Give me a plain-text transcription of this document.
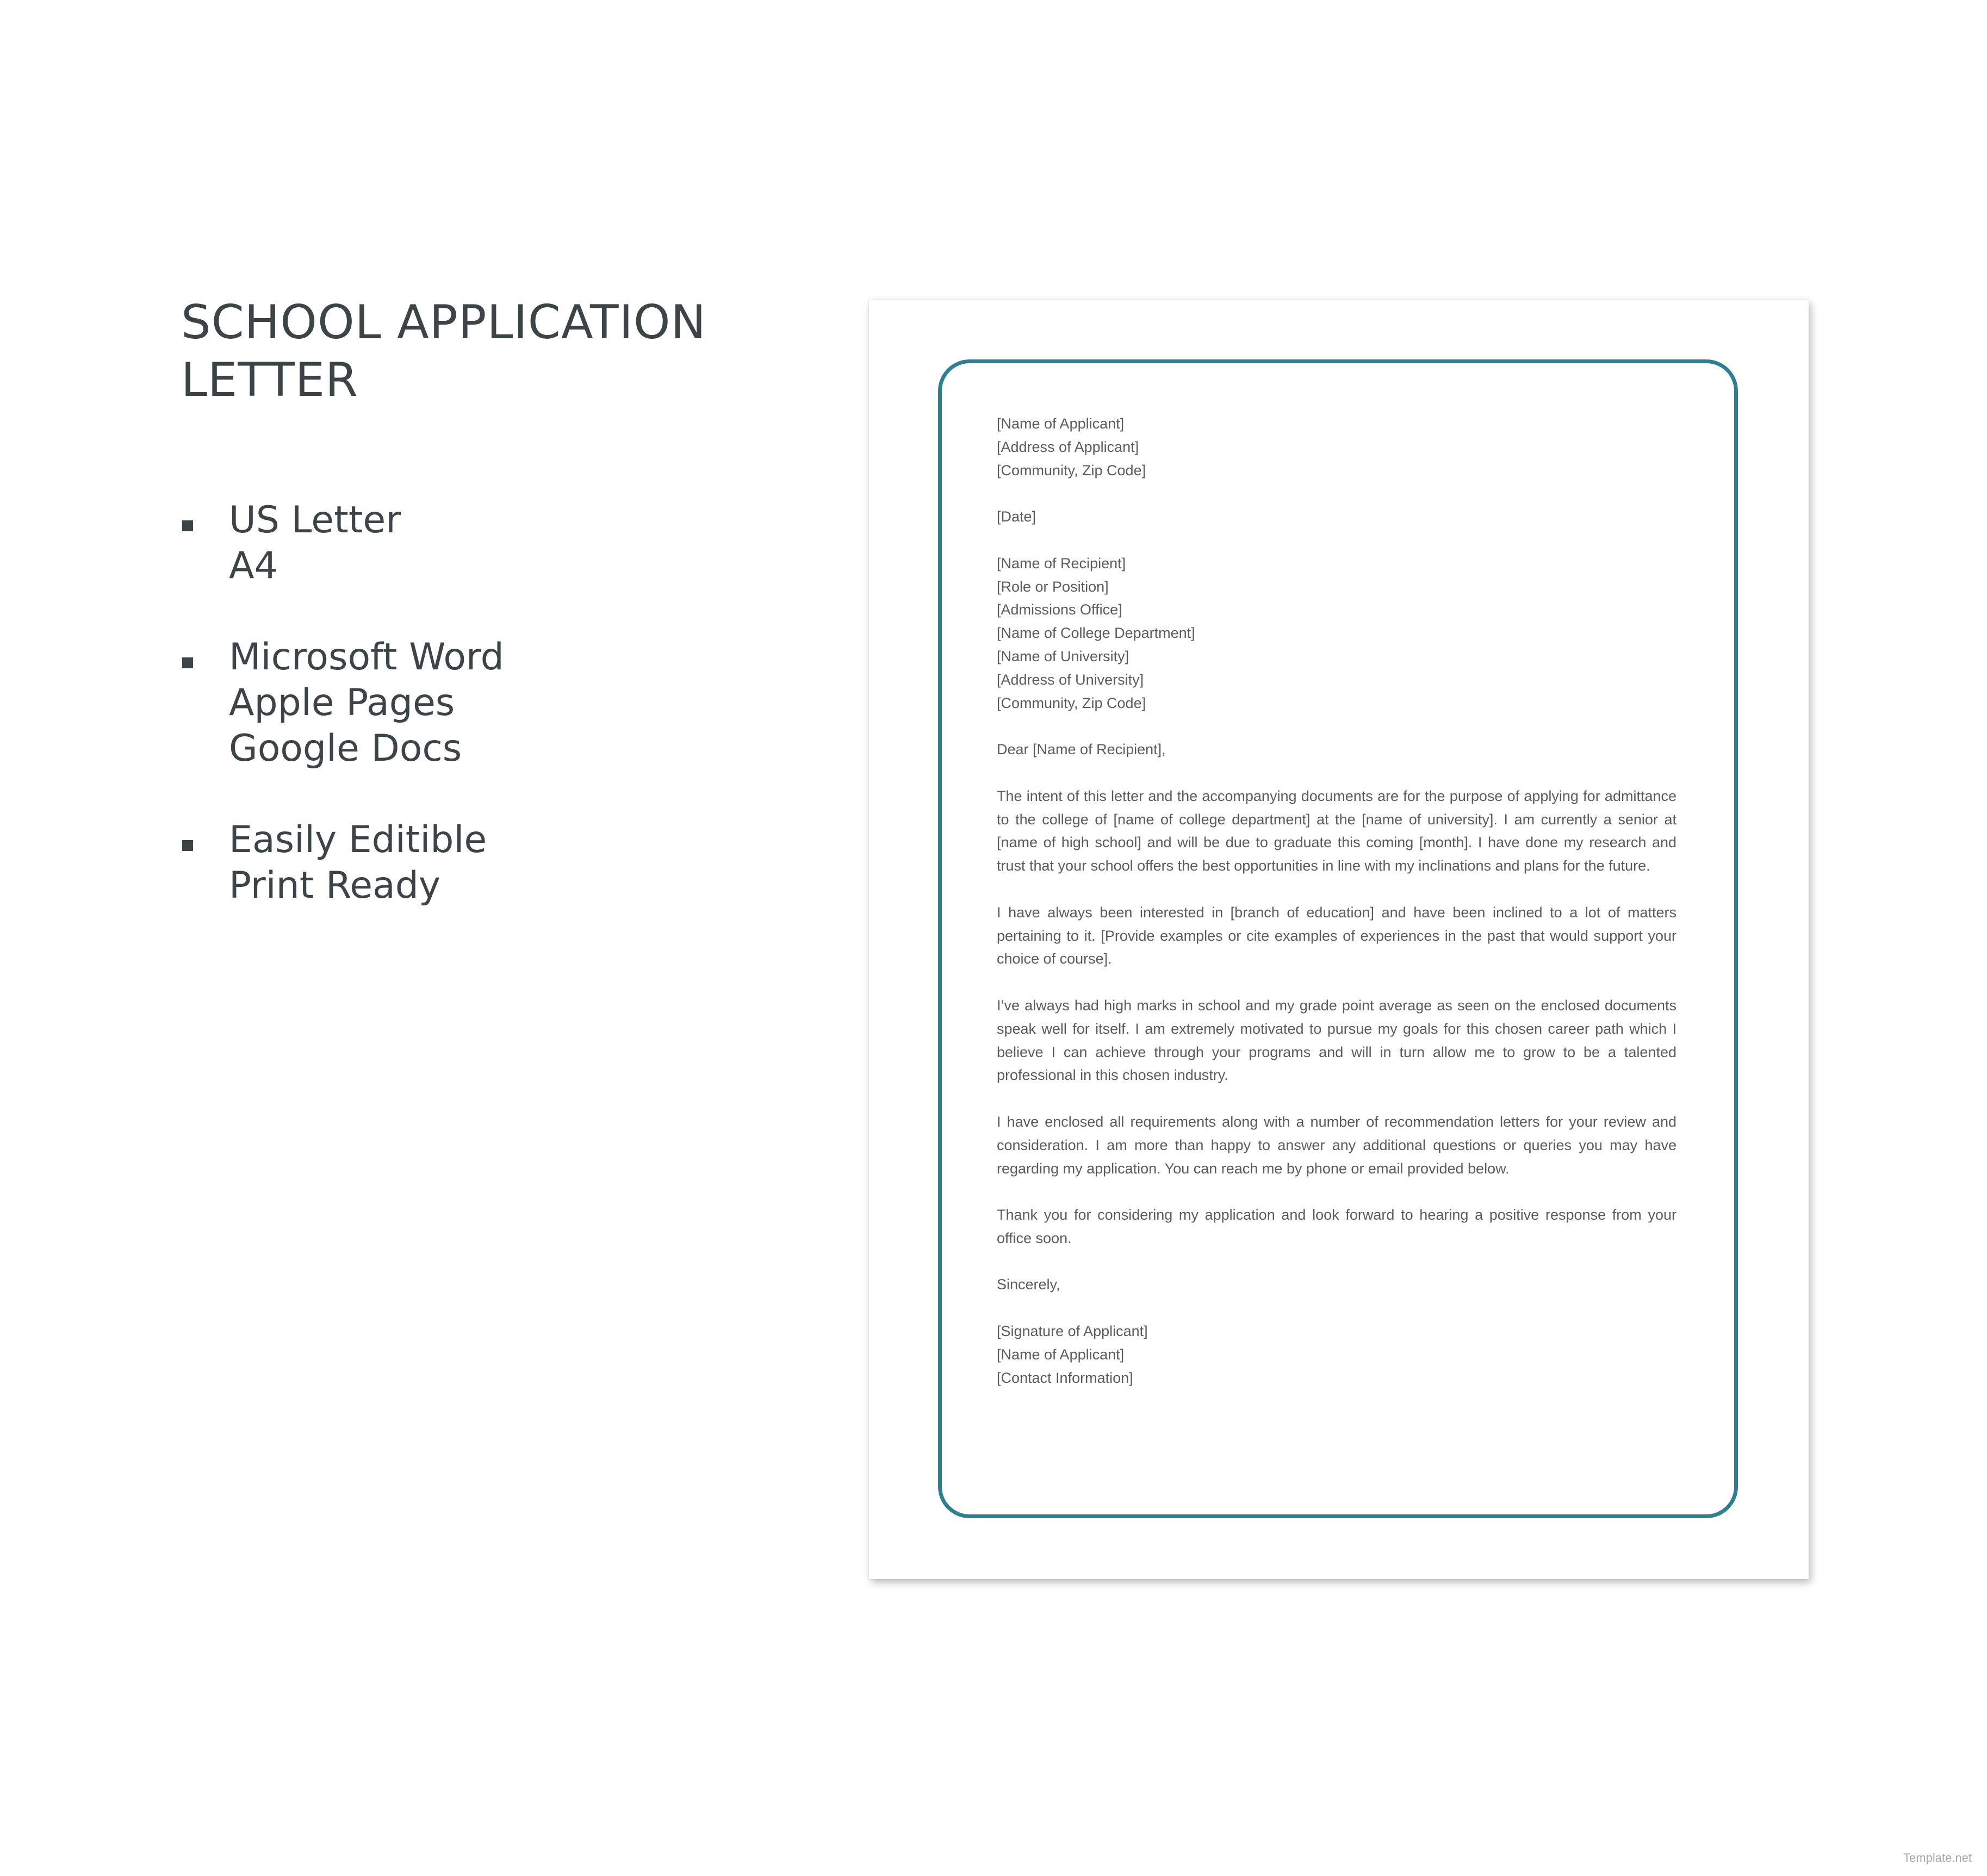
SCHOOL APPLICATION
LETTER
US Letter
A4
Microsoft Word
Apple Pages
Google Docs
Easily Editible
Print Ready
[Name of Applicant]
[Address of Applicant]
[Community, Zip Code]
[Date]
[Name of Recipient]
[Role or Position]
[Admissions Office]
[Name of College Department]
[Name of University]
[Address of University]
[Community, Zip Code]
Dear [Name of Recipient],
The intent of this letter and the accompanying documents are for the purpose of applying for admittance to the college of [name of college department] at the [name of university]. I am currently a senior at [name of high school] and will be due to graduate this coming [month]. I have done my research and trust that your school offers the best opportunities in line with my inclinations and plans for the future.
I have always been interested in [branch of education] and have been inclined to a lot of matters pertaining to it. [Provide examples or cite examples of experiences in the past that would support your choice of course].
I’ve always had high marks in school and my grade point average as seen on the enclosed documents speak well for itself. I am extremely motivated to pursue my goals for this chosen career path which I believe I can achieve through your programs and will in turn allow me to grow to be a talented professional in this chosen industry.
I have enclosed all requirements along with a number of recommendation letters for your review and consideration. I am more than happy to answer any additional questions or queries you may have regarding my application. You can reach me by phone or email provided below.
Thank you for considering my application and look forward to hearing a positive response from your office soon.
Sincerely,
[Signature of Applicant]
[Name of Applicant]
[Contact Information]
Template.net
